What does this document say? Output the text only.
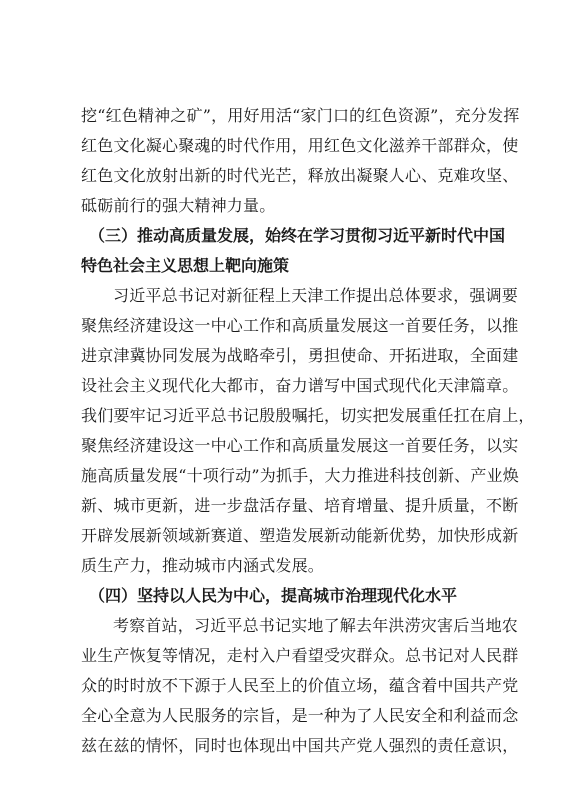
挖“红色精神之矿”，用好用活“家门口的红色资源”，充分发挥
红色文化凝心聚魂的时代作用，用红色文化滋养干部群众，使
红色文化放射出新的时代光芒，释放出凝聚人心、克难攻坚、
砥砺前行的强大精神力量。
（三）推动高质量发展，始终在学习贯彻习近平新时代中国
特色社会主义思想上靶向施策
习近平总书记对新征程上天津工作提出总体要求，强调要
聚焦经济建设这一中心工作和高质量发展这一首要任务，以推
进京津冀协同发展为战略牵引，勇担使命、开拓进取，全面建
设社会主义现代化大都市，奋力谱写中国式现代化天津篇章。
我们要牢记习近平总书记殷殷嘱托，切实把发展重任扛在肩上，
聚焦经济建设这一中心工作和高质量发展这一首要任务，以实
施高质量发展“十项行动”为抓手，大力推进科技创新、产业焕
新、城市更新，进一步盘活存量、培育增量、提升质量，不断
开辟发展新领域新赛道、塑造发展新动能新优势，加快形成新
质生产力，推动城市内涵式发展。
（四）坚持以人民为中心，提高城市治理现代化水平
考察首站，习近平总书记实地了解去年洪涝灾害后当地农
业生产恢复等情况，走村入户看望受灾群众。总书记对人民群
众的时时放不下源于人民至上的价值立场，蕴含着中国共产党
全心全意为人民服务的宗旨，是一种为了人民安全和利益而念
兹在兹的情怀，同时也体现出中国共产党人强烈的责任意识，
